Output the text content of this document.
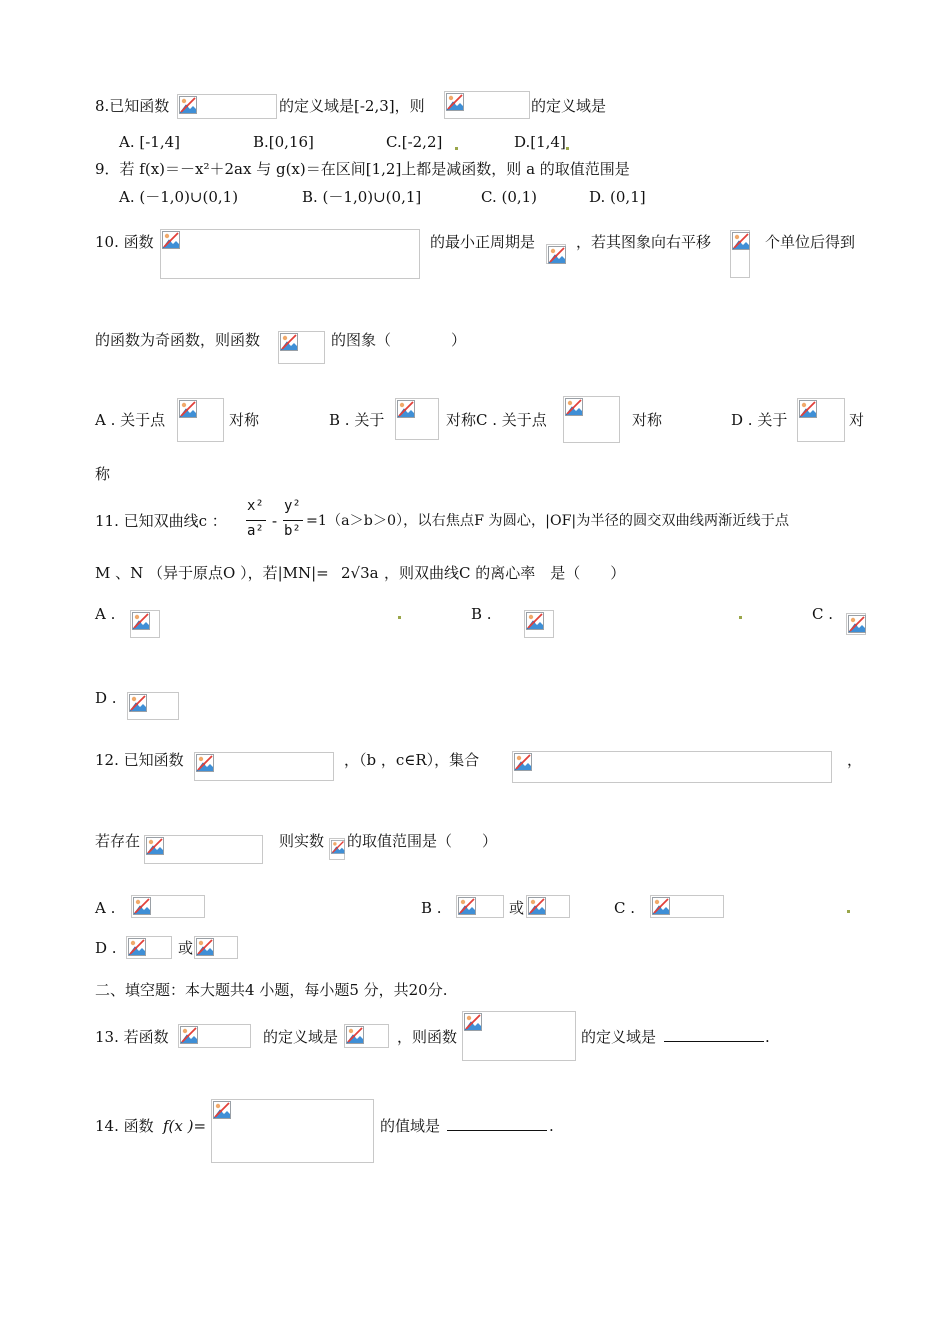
8.已知函数	的定义域是[-2,3]，则	的定义域是
A. [-1,4]	B.[0,16]	C.[-2,2]	D.[1,4]
9．若 f(x)＝－x²＋2ax 与 g(x)＝在区间[1,2]上都是减函数，则 a 的取值范围是
A. (－1,0)∪(0,1)	B. (－1,0)∪(0,1]	C. (0,1)	D. (0,1]
10. 函数	的最小正周期是	，若其图象向右平移	个单位后得到
的函数为奇函数，则函数	的图象（　　　　）
A . 关于点	对称	B . 关于	对称C . 关于点	对称	D . 关于	对
称
11. 已知双曲线c ：
x²
a²
-
y²
b²
=1（a＞b＞0），以右焦点F 为圆心，|OF|为半径的圆交双曲线两渐近线于点
M 、N （异于原点O ），若|MN|= 2√3a ，则双曲线C 的离心率　是（　　）
A .	B .	C .
D .
12. 已知函数	，（b ，c∈R），集合	，
若存在	则实数 的取值范围是（　　）
A .	B .	或	C .
D .	或
二、填空题：本大题共4 小题，每小题5 分，共20分.
13. 若函数	的定义域是	，则函数	的定义域是	.
14. 函数 f(x )=	的值域是	.
